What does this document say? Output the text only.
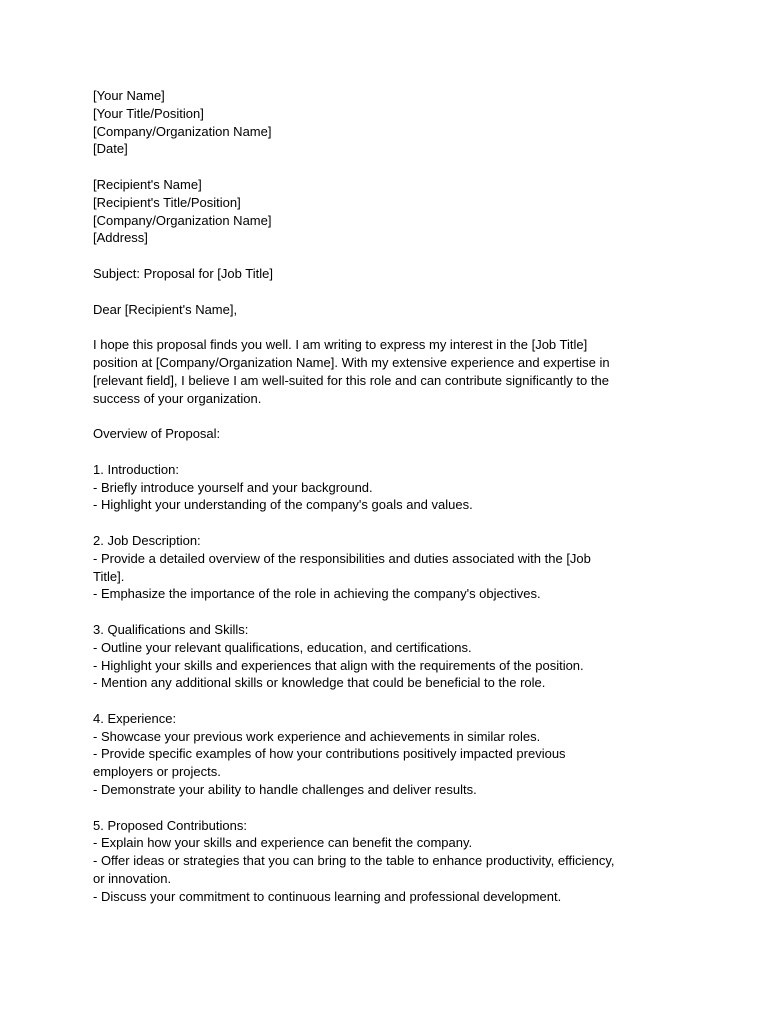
[Your Name]
[Your Title/Position]
[Company/Organization Name]
[Date]
[Recipient's Name]
[Recipient's Title/Position]
[Company/Organization Name]
[Address]
Subject: Proposal for [Job Title]
Dear [Recipient's Name],
I hope this proposal finds you well. I am writing to express my interest in the [Job Title]
position at [Company/Organization Name]. With my extensive experience and expertise in
[relevant field], I believe I am well-suited for this role and can contribute significantly to the
success of your organization.
Overview of Proposal:
1. Introduction:
- Briefly introduce yourself and your background.
- Highlight your understanding of the company's goals and values.
2. Job Description:
- Provide a detailed overview of the responsibilities and duties associated with the [Job
Title].
- Emphasize the importance of the role in achieving the company's objectives.
3. Qualifications and Skills:
- Outline your relevant qualifications, education, and certifications.
- Highlight your skills and experiences that align with the requirements of the position.
- Mention any additional skills or knowledge that could be beneficial to the role.
4. Experience:
- Showcase your previous work experience and achievements in similar roles.
- Provide specific examples of how your contributions positively impacted previous
employers or projects.
- Demonstrate your ability to handle challenges and deliver results.
5. Proposed Contributions:
- Explain how your skills and experience can benefit the company.
- Offer ideas or strategies that you can bring to the table to enhance productivity, efficiency,
or innovation.
- Discuss your commitment to continuous learning and professional development.
